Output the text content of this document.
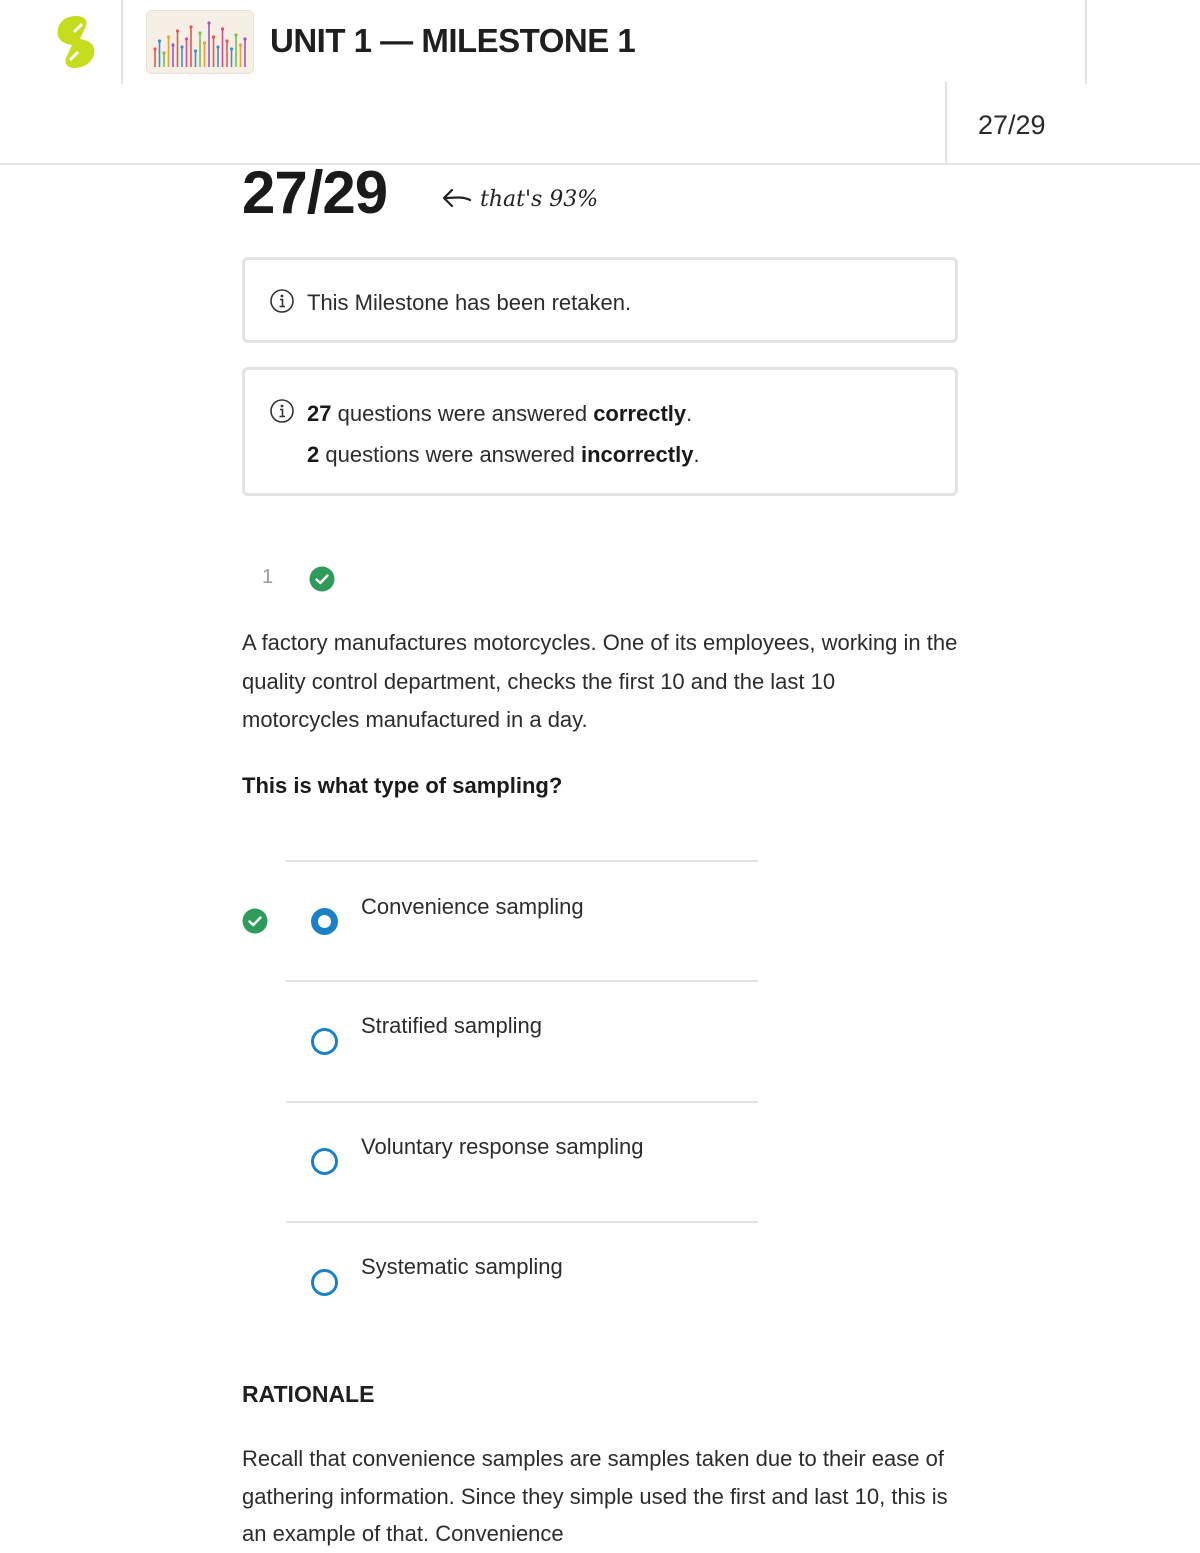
UNIT 1 — MILESTONE 1
27/29
27/29	that's 93%
This Milestone has been retaken.
27 questions were answered correctly.
2 questions were answered incorrectly.
1
A factory manufactures motorcycles. One of its employees, working in the quality control department, checks the first 10 and the last 10 motorcycles manufactured in a day.
This is what type of sampling?
Convenience sampling
Stratified sampling
Voluntary response sampling
Systematic sampling
RATIONALE
Recall that convenience samples are samples taken due to their ease of gathering information. Since they simple used the first and last 10, this is an example of that. Convenience
